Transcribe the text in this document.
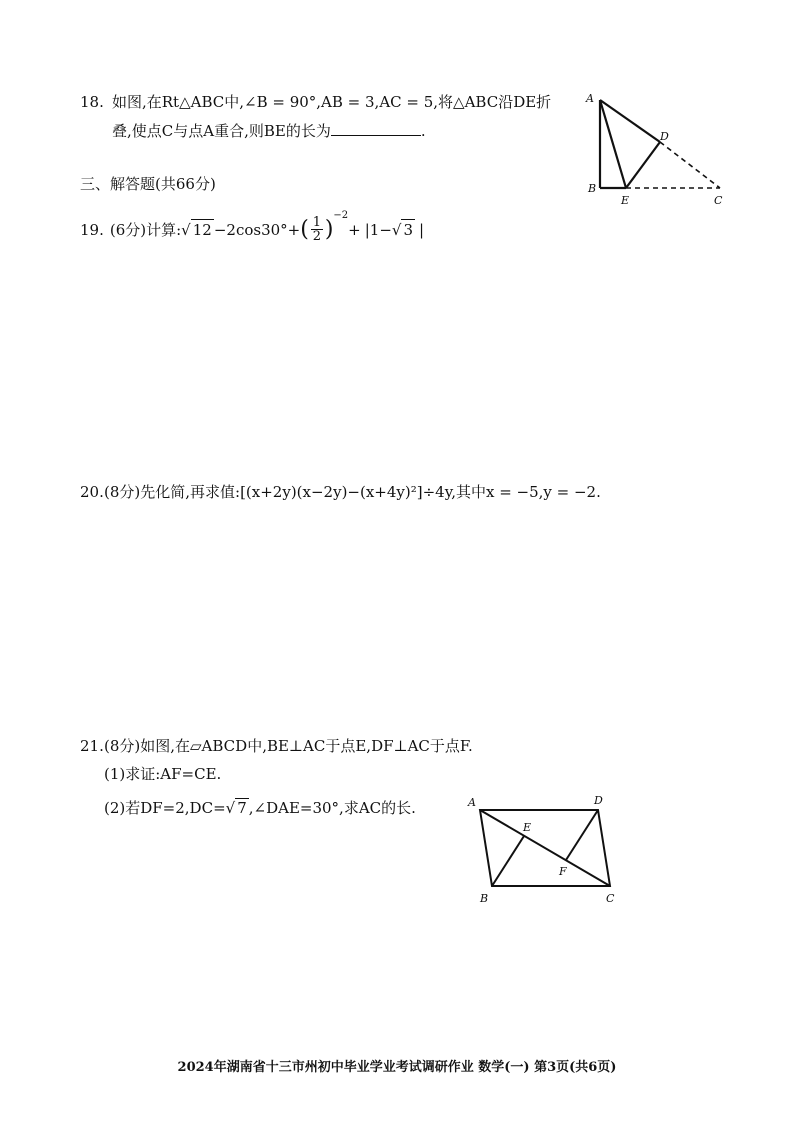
18. 如图,在Rt△ABC中,∠B = 90°,AB = 3,AC = 5,将△ABC沿DE折
叠,使点C与点A重合,则BE的长为	.
A
B
C
D
E
三、解答题(共66分)
19. (6分) 计算: √ 12 −2cos30°+ ( $\frac{1}{2}$ )
−2
+ |1− √ 3 |
20. (8分)先化简,再求值:[(x+2y)(x−2y)−(x+4y)²]÷4y,其中x = −5,y = −2.
21. (8分)如图,在▱ABCD中,BE⊥AC于点E,DF⊥AC于点F.
(1)求证:AF=CE.
(2)若DF=2,DC=√ 7 ,∠DAE=30°,求AC的长.	A
B	C
D
E
F
2024年湖南省十三市州初中毕业学业考试调研作业 数学(一) 第3页(共6页)
